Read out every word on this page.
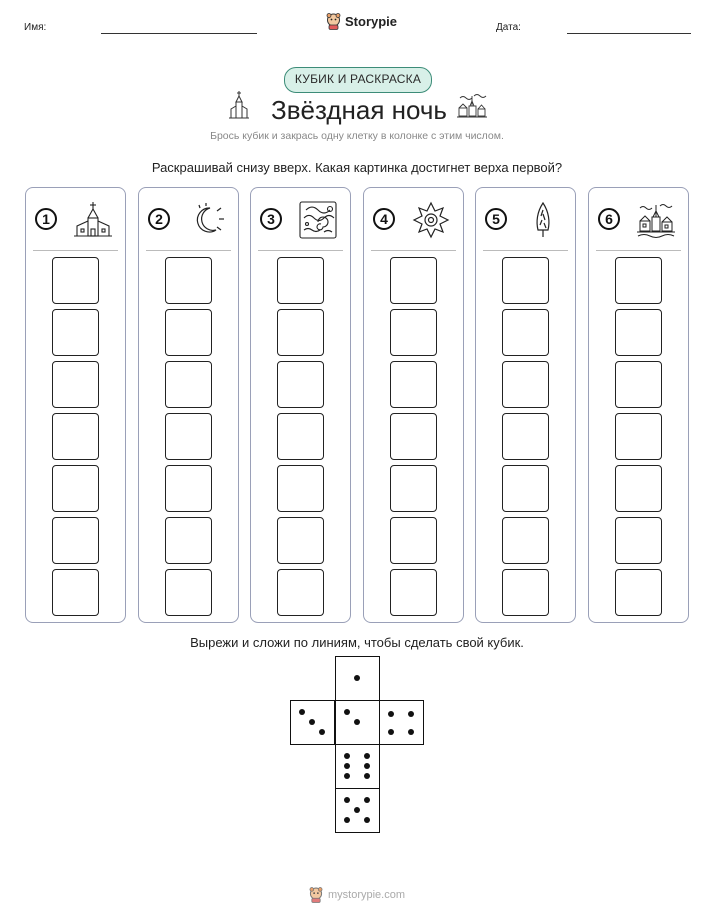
Имя:	Storypie	Дата:
КУБИК И РАСКРАСКА
Звёздная ночь
Брось кубик и закрась одну клетку в колонке с этим числом.
Раскрашивай снизу вверх. Какая картинка достигнет верха первой?
1	2	3	4	5	6
Вырежи и сложи по линиям, чтобы сделать свой кубик.
mystorypie.com
